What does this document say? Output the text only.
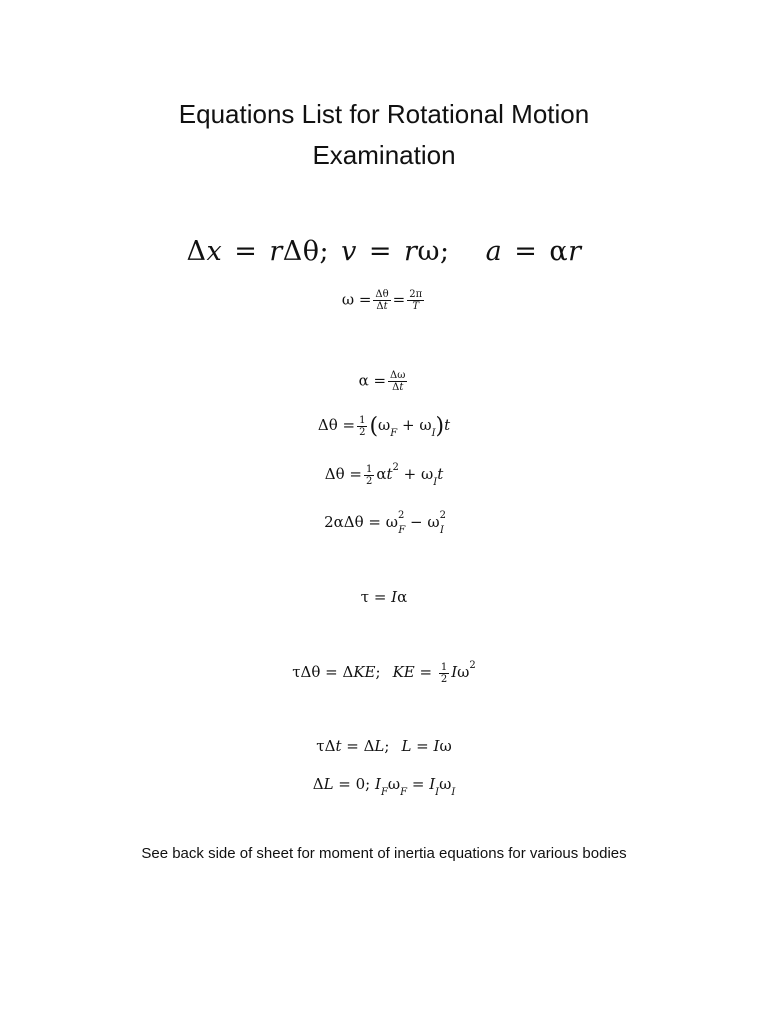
Equations List for Rotational Motion
Examination
Δx = rΔθ; v = rω; a = αr
$\omega = \frac{\Delta\theta}{\Delta t} = \frac{2\pi}{T}$
$\alpha = \frac{\Delta\omega}{\Delta t}$
$\Delta\theta = \frac{1}{2} (\omega_F + \omega_I)t$
$\Delta\theta = \frac{1}{2} \alpha t^2 + \omega_It$
$2\alpha\Delta\theta = \omega^2_F - \omega^2_I$
τ = Iα
τΔθ = ΔKE; KE = $\frac{1}{2} I\omega^2$
τΔt = ΔL; L = Iω
ΔL = 0; $I_F\omega_F = I_I\omega_I$
See back side of sheet for moment of inertia equations for various bodies
